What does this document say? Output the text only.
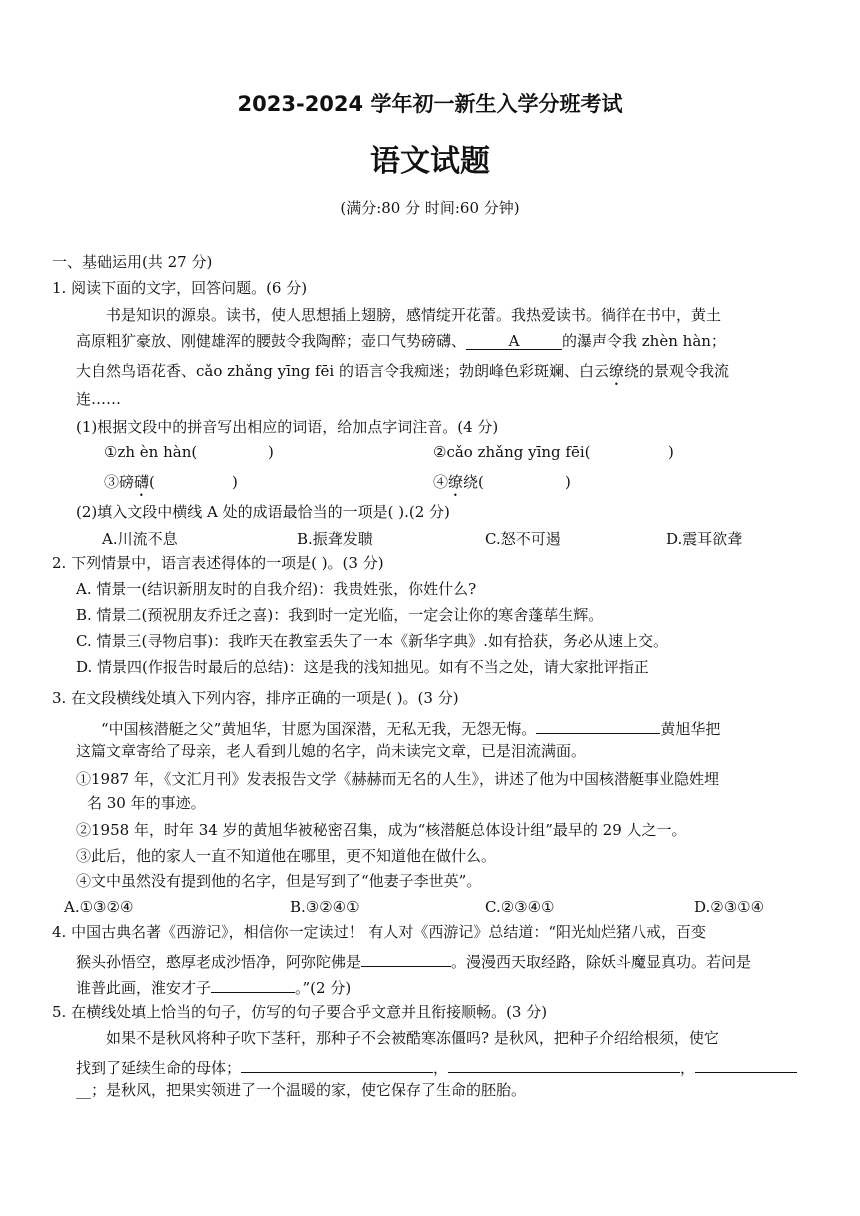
2023-2024 学年初一新生入学分班考试
语文试题
(满分:80 分 时间:60 分钟)
一、基础运用(共 27 分)
1. 阅读下面的文字，回答问题。(6 分)
书是知识的源泉。读书，使人思想插上翅膀，感情绽开花蕾。我热爱读书。徜徉在书中，黄土
高原粗犷豪放、刚健雄浑的腰鼓令我陶醉；壶口气势磅礴、	A	的瀑声令我 zhèn hàn；
大自然鸟语花香、cǎo zhǎng yīng fēi 的语言令我痴迷；勃朗峰色彩斑斓、白云缭绕的景观令我流
连……
(1)根据文段中的拼音写出相应的词语，给加点字词注音。(4 分)
①zh èn hàn(	)	②cǎo zhǎng yīng fēi(	)
③磅礴(	)	④缭绕(	)
(2)填入文段中横线 A 处的成语最恰当的一项是( ).(2 分)
A.川流不息	B.振聋发聩	C.怒不可遏	D.震耳欲聋
2. 下列情景中，语言表述得体的一项是( )。(3 分)
A. 情景一(结识新朋友时的自我介绍)：我贵姓张，你姓什么?
B. 情景二(预祝朋友乔迁之喜)：我到时一定光临，一定会让你的寒舍蓬荜生辉。
C. 情景三(寻物启事)：我昨天在教室丢失了一本《新华字典》.如有拾获，务必从速上交。
D. 情景四(作报告时最后的总结)：这是我的浅知拙见。如有不当之处，请大家批评指正
3. 在文段横线处填入下列内容，排序正确的一项是( )。(3 分)
“中国核潜艇之父”黄旭华，甘愿为国深潜，无私无我，无怨无悔。	黄旭华把
这篇文章寄给了母亲，老人看到儿媳的名字，尚未读完文章，已是泪流满面。
①1987 年，《文汇月刊》发表报告文学《赫赫而无名的人生》，讲述了他为中国核潜艇事业隐姓埋
名 30 年的事迹。
②1958 年，时年 34 岁的黄旭华被秘密召集，成为“核潜艇总体设计组”最早的 29 人之一。
③此后，他的家人一直不知道他在哪里，更不知道他在做什么。
④文中虽然没有提到他的名字，但是写到了“他妻子李世英”。
A.①③②④	B.③②④①	C.②③④①	D.②③①④
4. 中国古典名著《西游记》，相信你一定读过！ 有人对《西游记》总结道：“阳光灿烂猪八戒，百变
猴头孙悟空，憨厚老成沙悟净，阿弥陀佛是	。漫漫西天取经路，除妖斗魔显真功。若问是
谁普此画，淮安才子	。”(2 分)
5. 在横线处填上恰当的句子，仿写的句子要合乎文意并且衔接顺畅。(3 分)
如果不是秋风将种子吹下茎秆，那种子不会被酷寒冻僵吗? 是秋风，把种子介绍给根须，使它
找到了延续生命的母体；	，	，
__；是秋风，把果实领进了一个温暖的家，使它保存了生命的胚胎。
